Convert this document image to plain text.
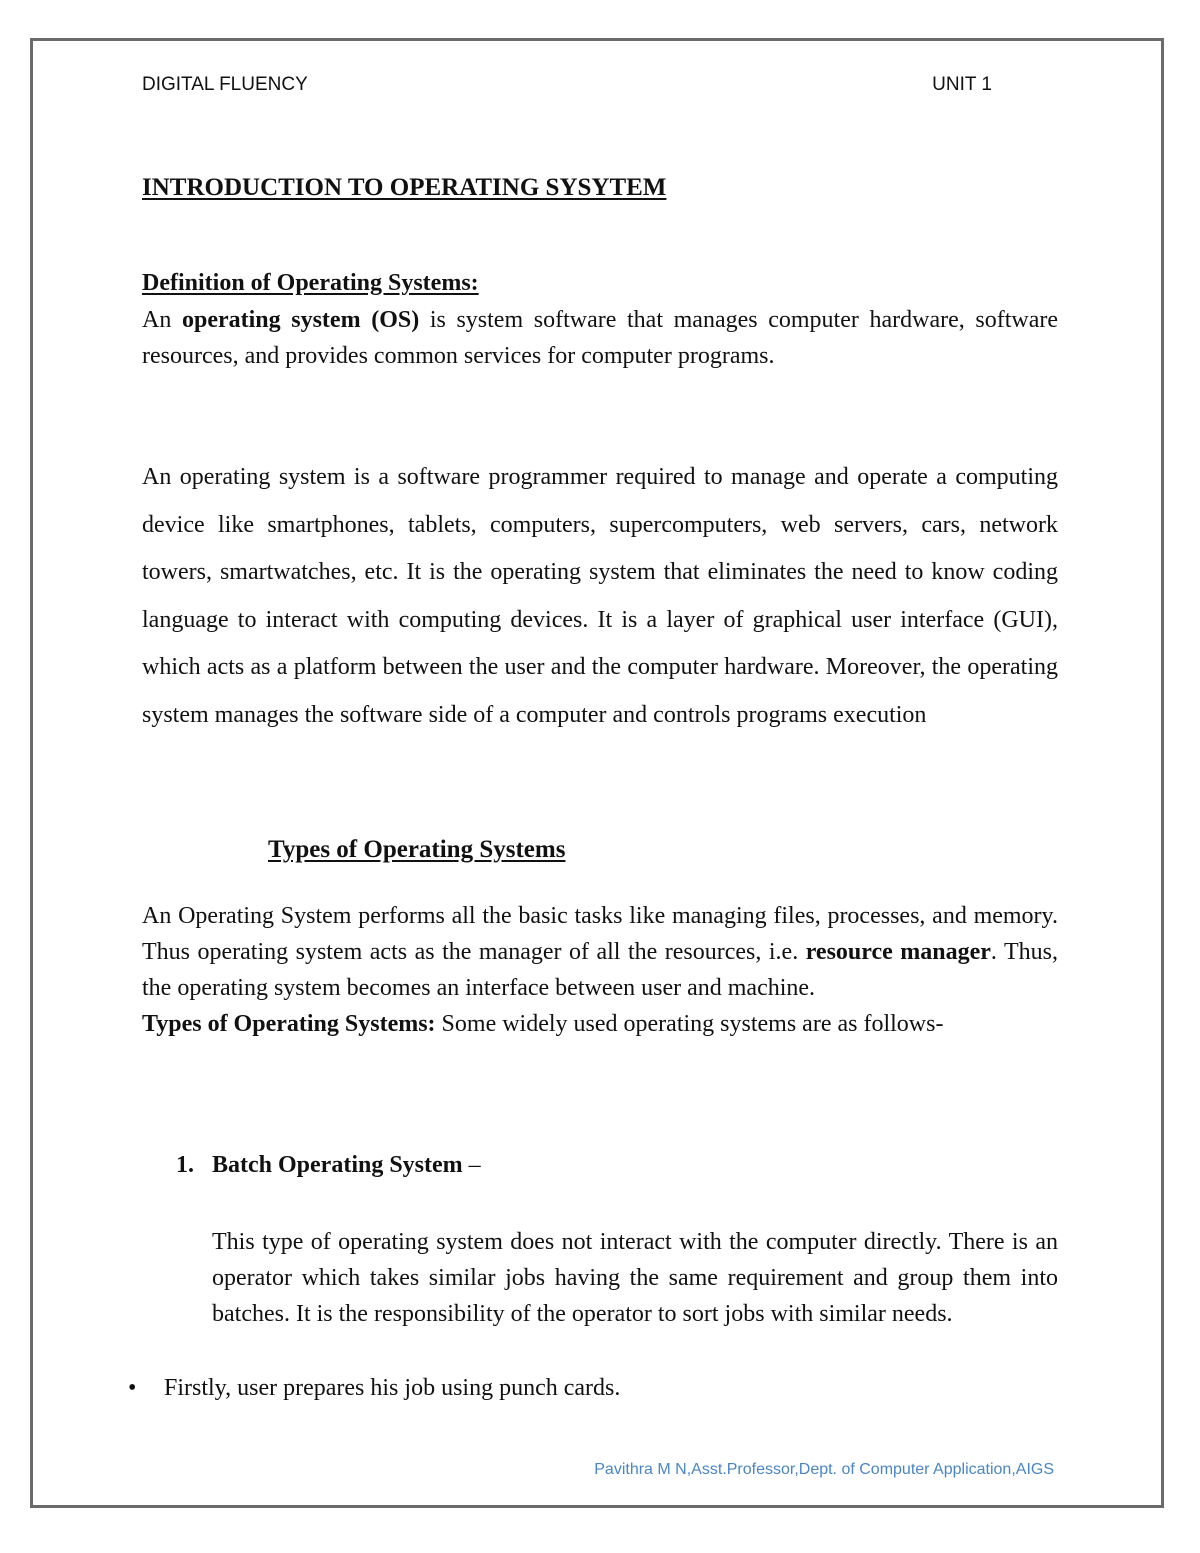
DIGITAL FLUENCY	UNIT 1
INTRODUCTION TO OPERATING SYSYTEM
Definition of Operating Systems:

An operating system (OS) is system software that manages computer hardware, software resources, and provides common services for computer programs.

An operating system is a software programmer required to manage and operate a computing device like smartphones, tablets, computers, supercomputers, web servers, cars, network towers, smartwatches, etc. It is the operating system that eliminates the need to know coding language to interact with computing devices. It is a layer of graphical user interface (GUI), which acts as a platform between the user and the computer hardware. Moreover, the operating system manages the software side of a computer and controls programs execution

Types of Operating Systems

An Operating System performs all the basic tasks like managing files, processes, and memory. Thus operating system acts as the manager of all the resources, i.e. resource manager. Thus, the operating system becomes an interface between user and machine.

Types of Operating Systems: Some widely used operating systems are as follows-

1. Batch Operating System –

This type of operating system does not interact with the computer directly. There is an operator which takes similar jobs having the same requirement and group them into batches. It is the responsibility of the operator to sort jobs with similar needs.

• Firstly, user prepares his job using punch cards.

Pavithra M N,Asst.Professor,Dept. of Computer Application,AIGS
